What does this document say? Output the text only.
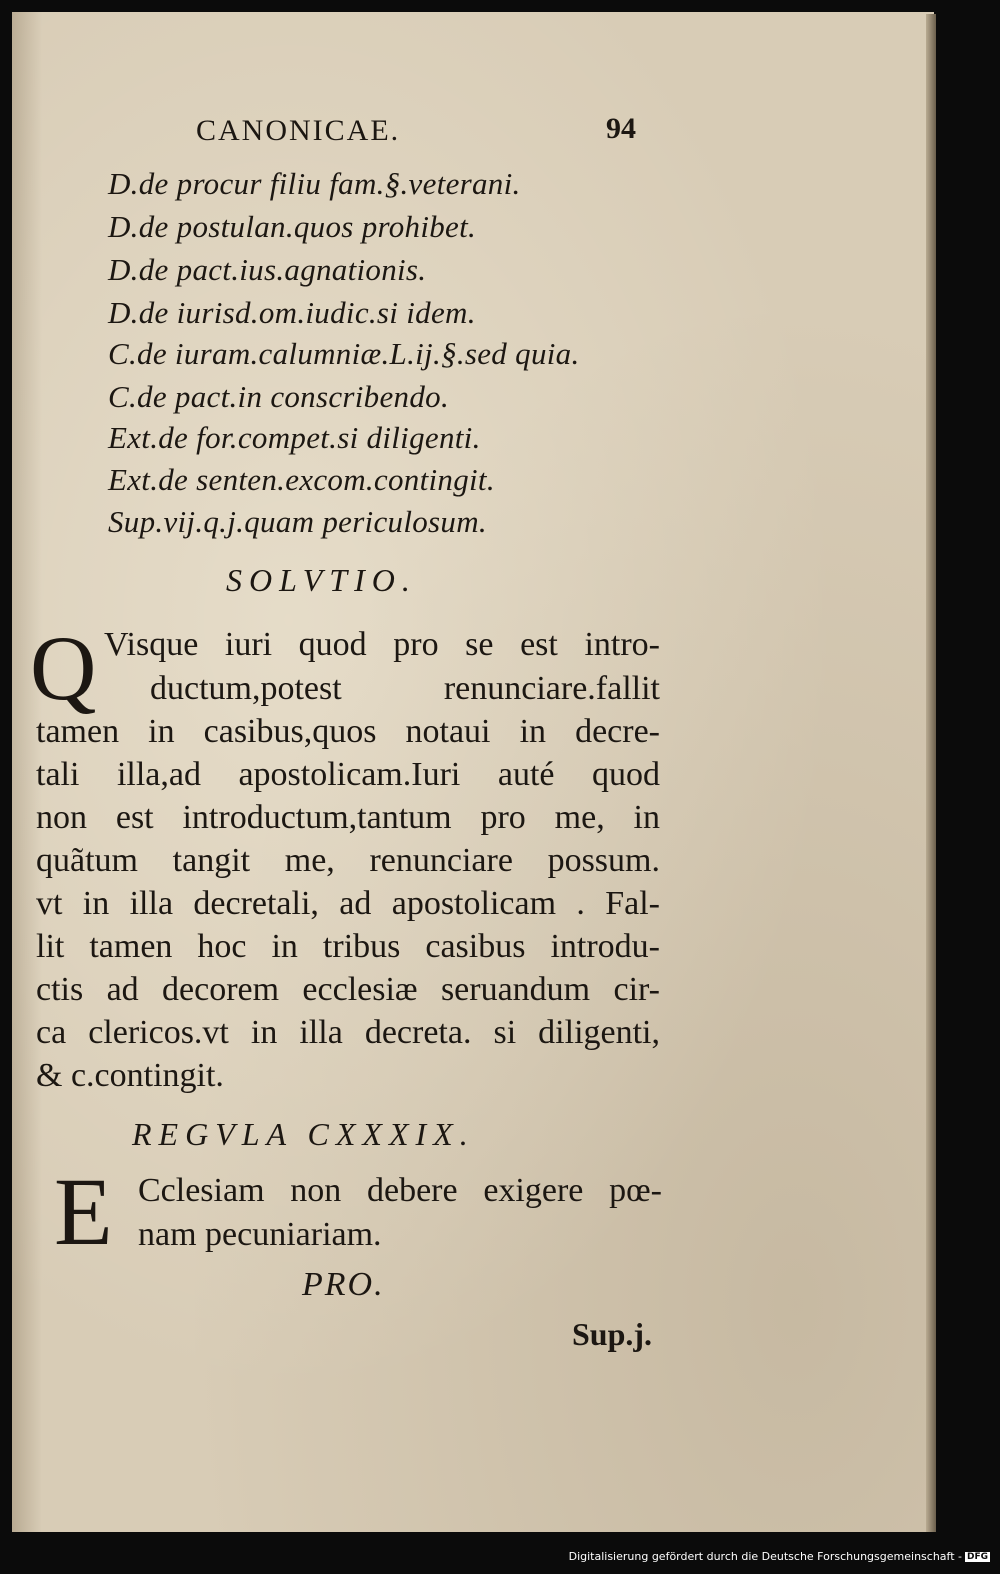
CANONICAE.	94
D.de procur filiu fam.§.veterani.
D.de postulan.quos prohibet.
D.de pact.ius.agnationis.
D.de iurisd.om.iudic.si idem.
C.de iuram.calumniæ.L.ij.§.sed quia.
C.de pact.in conscribendo.
Ext.de for.compet.si diligenti.
Ext.de senten.excom.contingit.
Sup.vij.q.j.quam periculosum.
SOLVTIO.
Q Visque iuri quod pro se est intro-
ductum,potest renunciare.fallit
tamen in casibus,quos notaui in decre-
tali illa,ad apostolicam.Iuri auté quod
non est introductum,tantum pro me, in
quãtum tangit me, renunciare possum.
vt in illa decretali, ad apostolicam . Fal-
lit tamen hoc in tribus casibus introdu-
ctis ad decorem ecclesiæ seruandum cir-
ca clericos.vt in illa decreta. si diligenti,
& c.contingit.
REGVLA CXXXIX.
E Cclesiam non debere exigere pœ-
nam pecuniariam.
PRO.
Sup.j.
Digitalisierung gefördert durch die Deutsche Forschungsgemeinschaft - DFG
